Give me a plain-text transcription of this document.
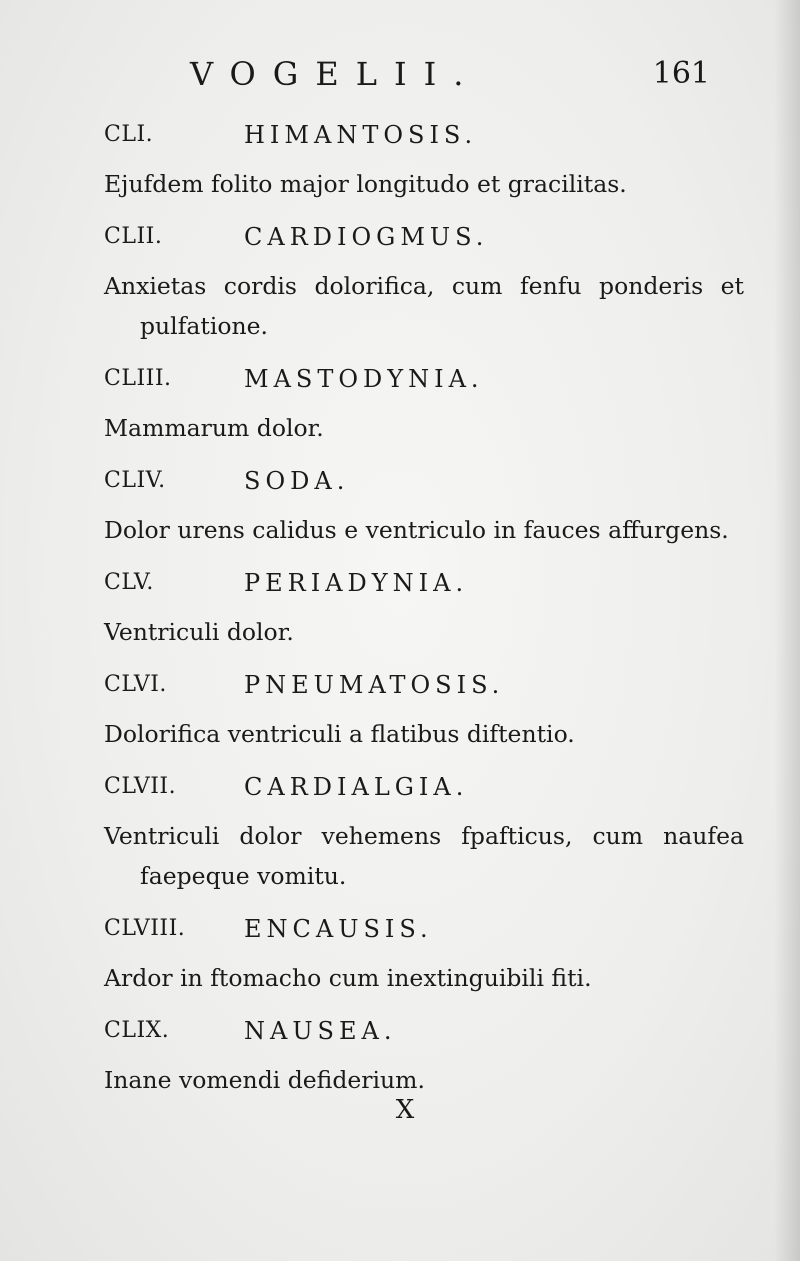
VOGELII.	161
CLI.	HIMANTOSIS.

Ejufdem folito major longitudo et gracilitas.

CLII.	CARDIOGMUS.

Anxietas cordis dolorifica, cum fenfu ponderis et pulfatione.

CLIII.	MASTODYNIA.

Mammarum dolor.

CLIV.	SODA.

Dolor urens calidus e ventriculo in fauces affurgens.

CLV.	PERIADYNIA.

Ventriculi dolor.

CLVI.	PNEUMATOSIS.

Dolorifica ventriculi a flatibus diftentio.

CLVII.	CARDIALGIA.

Ventriculi dolor vehemens fpafticus, cum naufea faepeque vomitu.

CLVIII. ENCAUSIS.

Ardor in ftomacho cum inextinguibili fiti.

CLIX.	NAUSEA.

Inane vomendi defiderium.

X
